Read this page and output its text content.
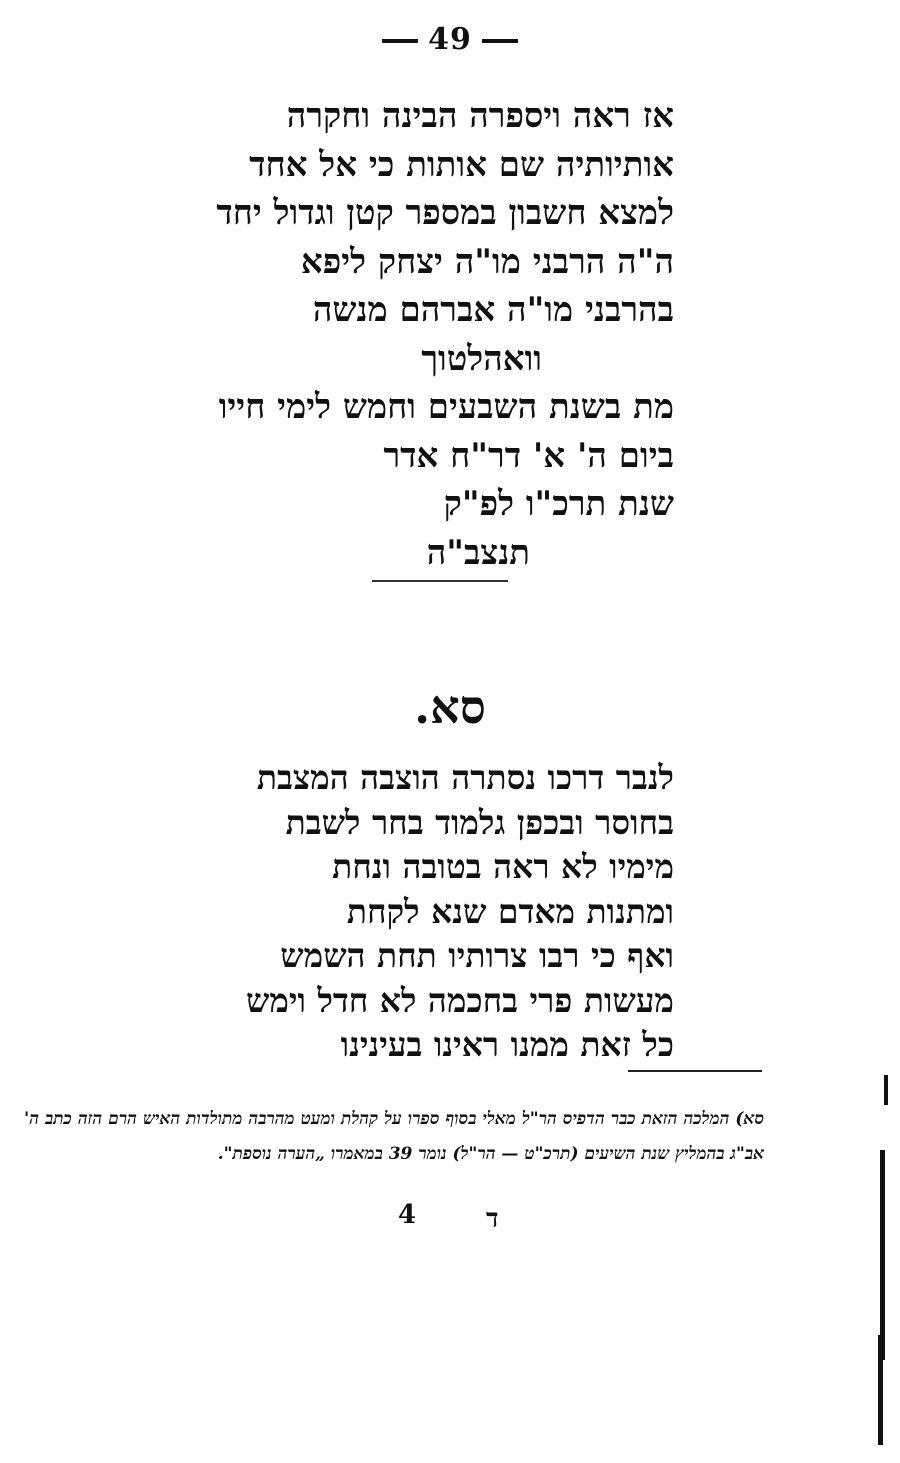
49
אז ראה ויספרה הבינה וחקרה
אותיותיה שם אותות כי אל אחד
למצא חשבון במספר קטן וגדול יחד
ה"ה הרבני מו"ה יצחק ליפא
בהרבני מו"ה אברהם מנשה
וואהלטוך
מת בשנת השבעים וחמש לימי חייו
ביום ה' א' דר"ח אדר
שנת תרכ"ו לפ"ק
תנצב"ה
סא.
לנבר דרכו נסתרה הוצבה המצבת
בחוסר ובכפן גלמוד בחר לשבת
מימיו לא ראה בטובה ונחת
ומתנות מאדם שנא לקחת
ואף כי רבו צרותיו תחת השמש
מעשות פרי בחכמה לא חדל וימש
כל זאת ממנו ראינו בעינינו
סא) המלכה הזאת כבר הדפיס הר"ל מאלי בסוף ספרו על קהלת ומעט מהרבה מתולדות האיש הרם הזה כתב ה' אב"ג בהמליץ שנת השיעים (תרכ"ט — הר"ל) נומר 39 במאמרו „הערה נוספת".
4	ד
